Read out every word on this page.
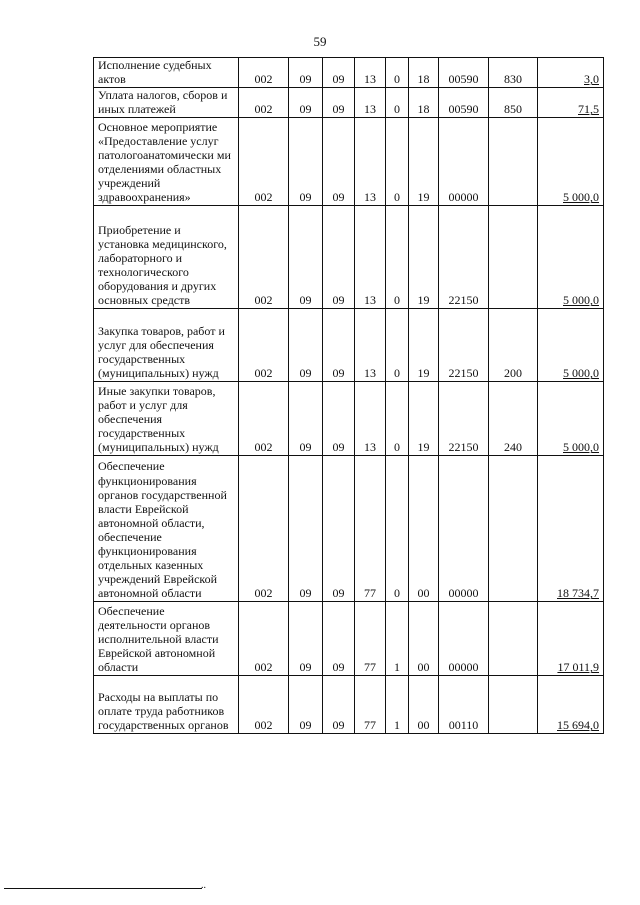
59
Исполнение судебных актов	002	09	09	13	0	18	00590	830	3,0
Уплата налогов, сборов и иных платежей	002	09	09	13	0	18	00590	850	71,5
Основное мероприятие «Предоставление услуг патологоанатомически ми отделениями областных учреждений здравоохранения»	002	09	09	13	0	19	00000		5 000,0
Приобретение и установка медицинского, лабораторного и технологического оборудования и других основных средств	002	09	09	13	0	19	22150		5 000,0
Закупка товаров, работ и услуг для обеспечения государственных (муниципальных) нужд	002	09	09	13	0	19	22150	200	5 000,0
Иные закупки товаров, работ и услуг для обеспечения государственных (муниципальных) нужд	002	09	09	13	0	19	22150	240	5 000,0
Обеспечение функционирования органов государственной власти Еврейской автономной области, обеспечение функционирования отдельных казенных учреждений Еврейской автономной области	002	09	09	77	0	00	00000		18 734,7
Обеспечение деятельности органов исполнительной власти Еврейской автономной области	002	09	09	77	1	00	00000		17 011,9
Расходы на выплаты по оплате труда работников государственных органов	002	09	09	77	1	00	00110		15 694,0
..
